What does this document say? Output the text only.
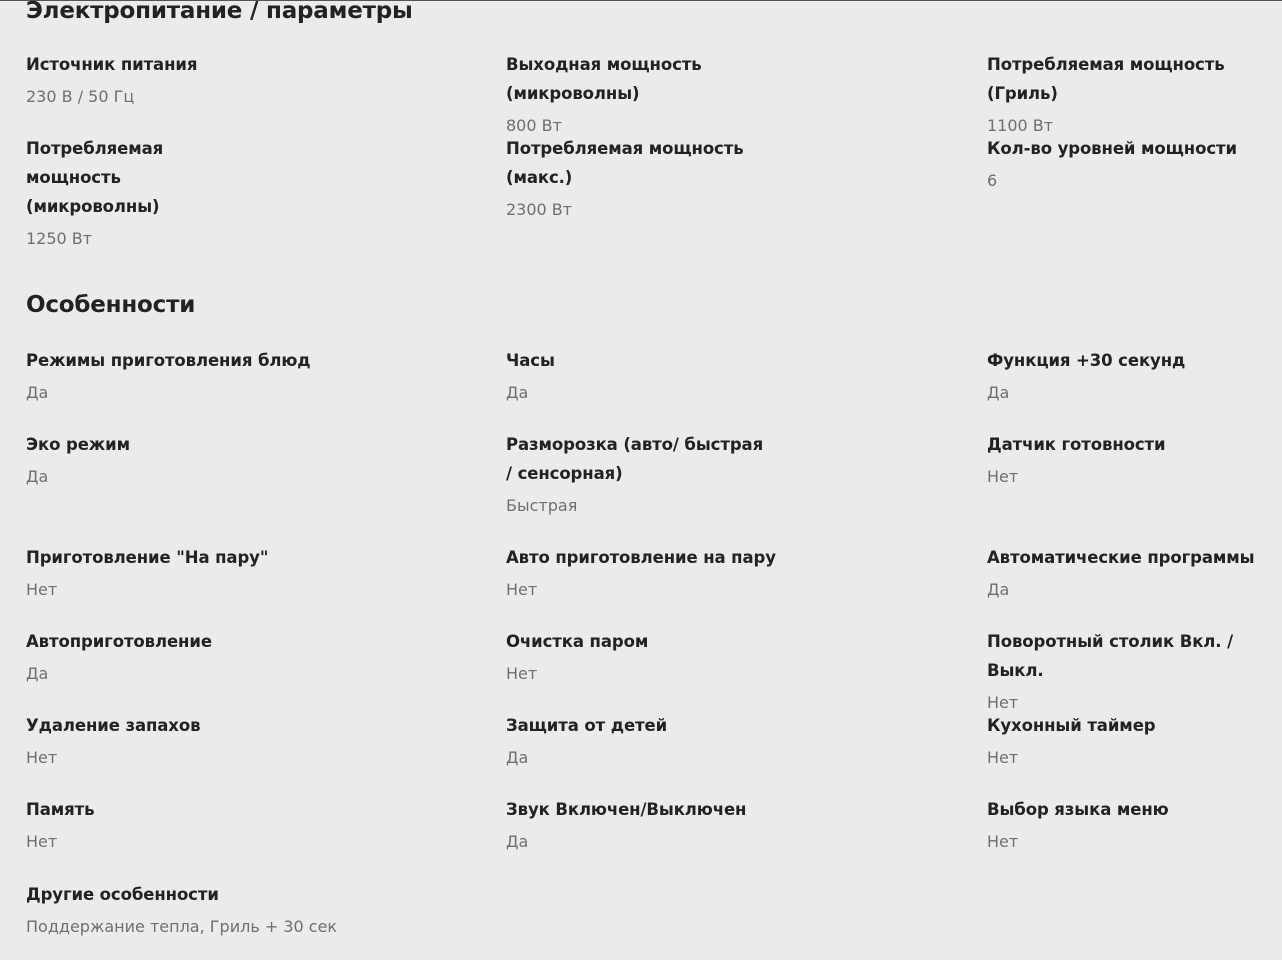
Электропитание / параметры
Источник питания
230 В / 50 Гц
Выходная мощность (микроволны)
800 Вт
Потребляемая мощность (Гриль)
1100 Вт
Потребляемая мощность (микроволны)
1250 Вт
Потребляемая мощность (макс.)
2300 Вт
Кол-во уровней мощности
6
Особенности
Режимы приготовления блюд
Да
Часы
Да
Функция +30 секунд
Да
Эко режим
Да
Разморозка (авто/ быстрая / сенсорная)
Быстрая
Датчик готовности
Нет
Приготовление "На пару"
Нет
Авто приготовление на пару
Нет
Автоматические программы
Да
Автоприготовление
Да
Очистка паром
Нет
Поворотный столик Вкл. /Выкл.
Нет
Удаление запахов
Нет
Защита от детей
Да
Кухонный таймер
Нет
Память
Нет
Звук Включен/Выключен
Да
Выбор языка меню
Нет
Другие особенности
Поддержание тепла, Гриль + 30 сек
